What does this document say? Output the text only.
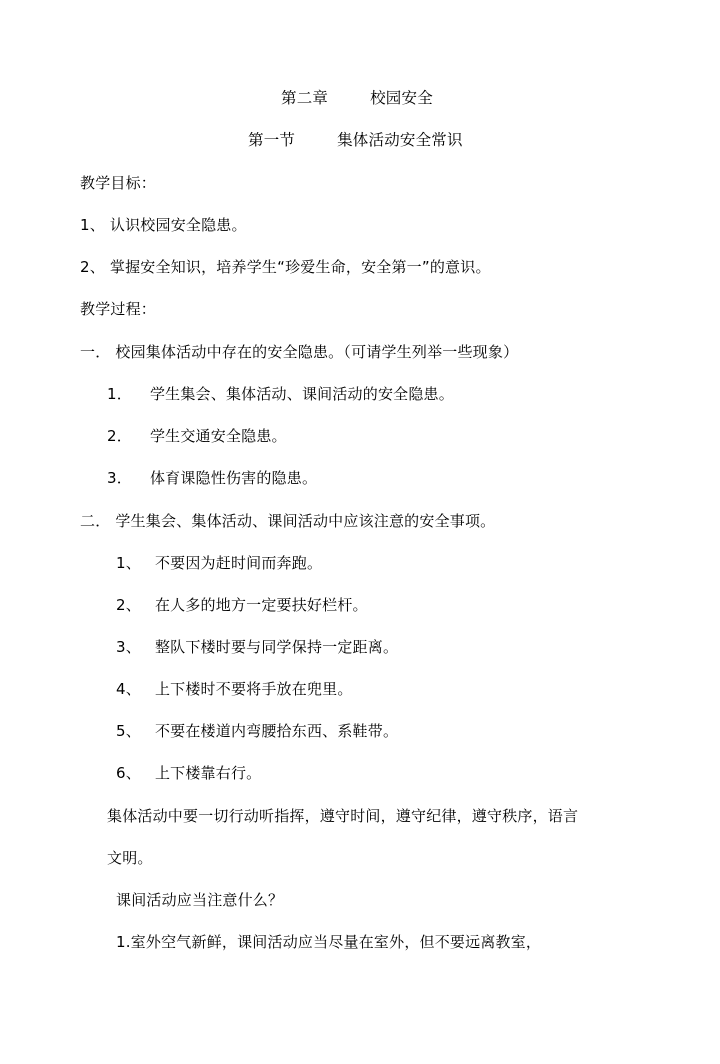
第二章	校园安全
第一节	集体活动安全常识
教学目标：
1、 认识校园安全隐患。
2、 掌握安全知识，培养学生“珍爱生命，安全第一”的意识。
教学过程：
一． 校园集体活动中存在的安全隐患。（可请学生列举一些现象）
1． 学生集会、集体活动、课间活动的安全隐患。
2． 学生交通安全隐患。
3． 体育课隐性伤害的隐患。
二． 学生集会、集体活动、课间活动中应该注意的安全事项。
1、 不要因为赶时间而奔跑。
2、 在人多的地方一定要扶好栏杆。
3、 整队下楼时要与同学保持一定距离。
4、 上下楼时不要将手放在兜里。
5、 不要在楼道内弯腰拾东西、系鞋带。
6、 上下楼靠右行。
集体活动中要一切行动听指挥，遵守时间，遵守纪律，遵守秩序，语言
文明。
课间活动应当注意什么？
1.室外空气新鲜，课间活动应当尽量在室外，但不要远离教室，
